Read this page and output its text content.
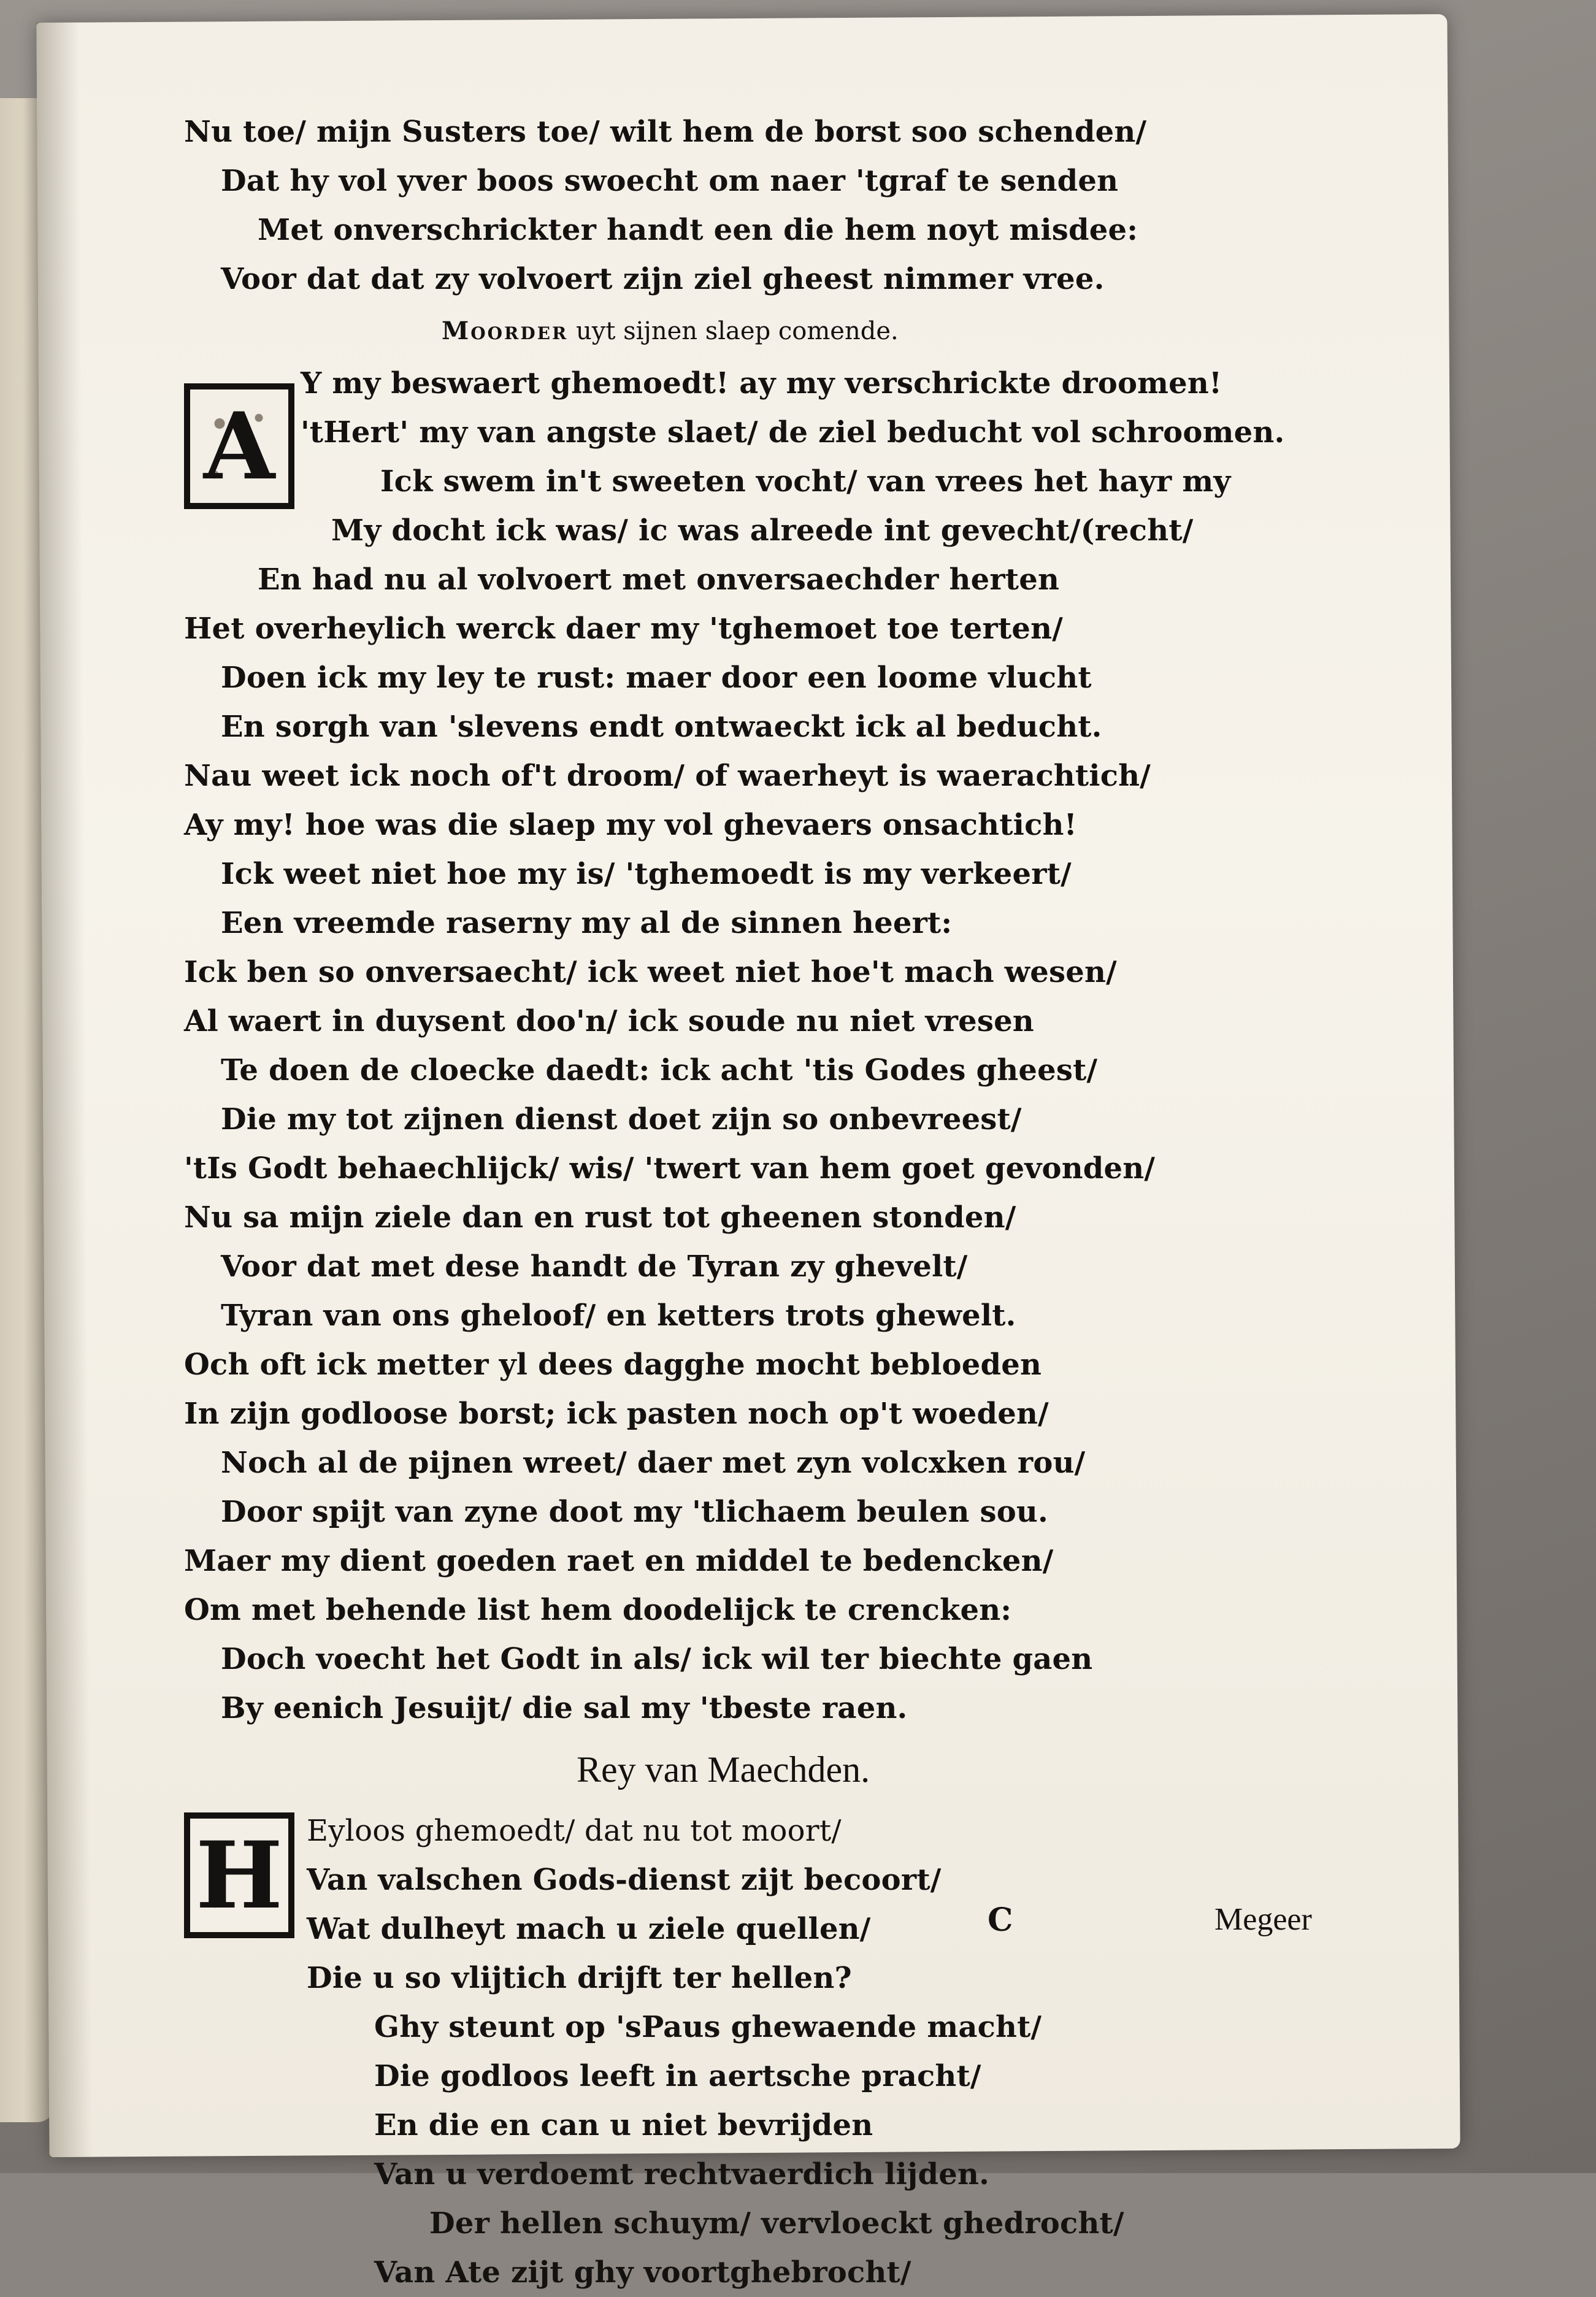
Nu toe/ mijn Susters toe/ wilt hem de borst soo schenden/
Dat hy vol yver boos swoecht om naer 'tgraf te senden
Met onverschrickter handt een die hem noyt misdee:
Voor dat dat zy volvoert zijn ziel gheest nimmer vree.
Moorder uyt sijnen slaep comende.
A
Y my beswaert ghemoedt! ay my verschrickte droomen!
'tHert' my van angste slaet/ de ziel beducht vol schroomen.
Ick swem in't sweeten vocht/ van vrees het hayr my
My docht ick was/ ic was alreede int gevecht/(recht/
En had nu al volvoert met onversaechder herten
Het overheylich werck daer my 'tghemoet toe terten/
Doen ick my ley te rust: maer door een loome vlucht
En sorgh van 'slevens endt ontwaeckt ick al beducht.
Nau weet ick noch of't droom/ of waerheyt is waerachtich/
Ay my! hoe was die slaep my vol ghevaers onsachtich!
Ick weet niet hoe my is/ 'tghemoedt is my verkeert/
Een vreemde raserny my al de sinnen heert:
Ick ben so onversaecht/ ick weet niet hoe't mach wesen/
Al waert in duysent doo'n/ ick soude nu niet vresen
Te doen de cloecke daedt: ick acht 'tis Godes gheest/
Die my tot zijnen dienst doet zijn so onbevreest/
'tIs Godt behaechlijck/ wis/ 'twert van hem goet gevonden/
Nu sa mijn ziele dan en rust tot gheenen stonden/
Voor dat met dese handt de Tyran zy ghevelt/
Tyran van ons gheloof/ en ketters trots ghewelt.
Och oft ick metter yl dees dagghe mocht bebloeden
In zijn godloose borst; ick pasten noch op't woeden/
Noch al de pijnen wreet/ daer met zyn volcxken rou/
Door spijt van zyne doot my 'tlichaem beulen sou.
Maer my dient goeden raet en middel te bedencken/
Om met behende list hem doodelijck te crencken:
Doch voecht het Godt in als/ ick wil ter biechte gaen
By eenich Jesuijt/ die sal my 'tbeste raen.
Rey van Maechden.
H Eyloos ghemoedt/ dat nu tot moort/
Van valschen Gods-dienst zijt becoort/
Wat dulheyt mach u ziele quellen/
Die u so vlijtich drijft ter hellen?
Ghy steunt op 'sPaus ghewaende macht/
Die godloos leeft in aertsche pracht/
En die en can u niet bevrijden
Van u verdoemt rechtvaerdich lijden.
Der hellen schuym/ vervloeckt ghedrocht/
Van Ate zijt ghy voortghebrocht/
C	Megeer
